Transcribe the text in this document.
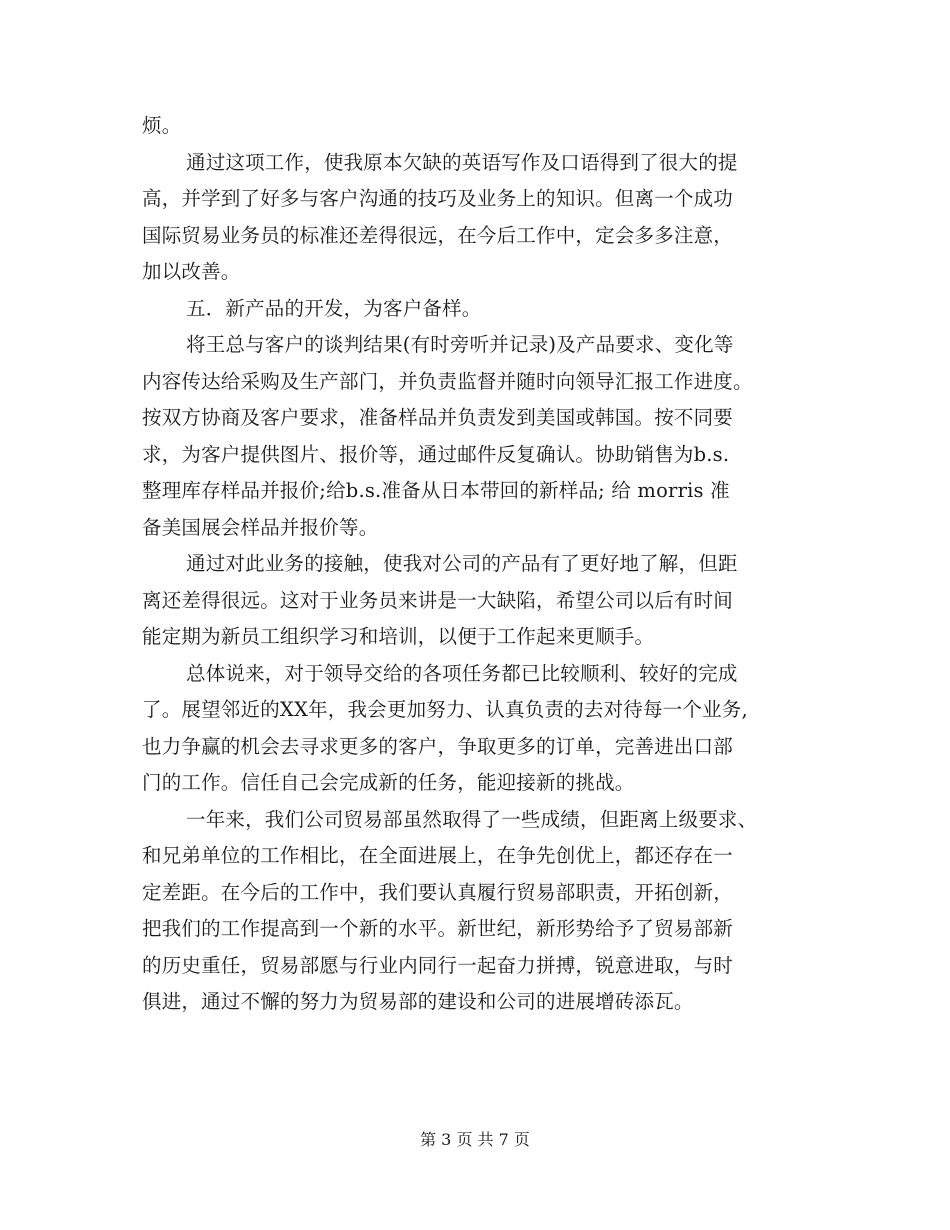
烦。
通过这项工作，使我原本欠缺的英语写作及口语得到了很大的提
高，并学到了好多与客户沟通的技巧及业务上的知识。但离一个成功
国际贸易业务员的标准还差得很远，在今后工作中，定会多多注意，
加以改善。
五．新产品的开发，为客户备样。
将王总与客户的谈判结果(有时旁听并记录)及产品要求、变化等
内容传达给采购及生产部门，并负责监督并随时向领导汇报工作进度。
按双方协商及客户要求，准备样品并负责发到美国或韩国。按不同要
求，为客户提供图片、报价等，通过邮件反复确认。协助销售为b.s.
整理库存样品并报价;给b.s.准备从日本带回的新样品; 给 morris 准
备美国展会样品并报价等。
通过对此业务的接触，使我对公司的产品有了更好地了解，但距
离还差得很远。这对于业务员来讲是一大缺陷，希望公司以后有时间
能定期为新员工组织学习和培训，以便于工作起来更顺手。
总体说来，对于领导交给的各项任务都已比较顺利、较好的完成
了。展望邻近的XX年，我会更加努力、认真负责的去对待每一个业务,
也力争赢的机会去寻求更多的客户，争取更多的订单，完善进出口部
门的工作。信任自己会完成新的任务，能迎接新的挑战。
一年来，我们公司贸易部虽然取得了一些成绩，但距离上级要求、
和兄弟单位的工作相比，在全面进展上，在争先创优上，都还存在一
定差距。在今后的工作中，我们要认真履行贸易部职责，开拓创新，
把我们的工作提高到一个新的水平。新世纪，新形势给予了贸易部新
的历史重任，贸易部愿与行业内同行一起奋力拼搏，锐意进取，与时
俱进，通过不懈的努力为贸易部的建设和公司的进展增砖添瓦。
第 3 页 共 7 页
